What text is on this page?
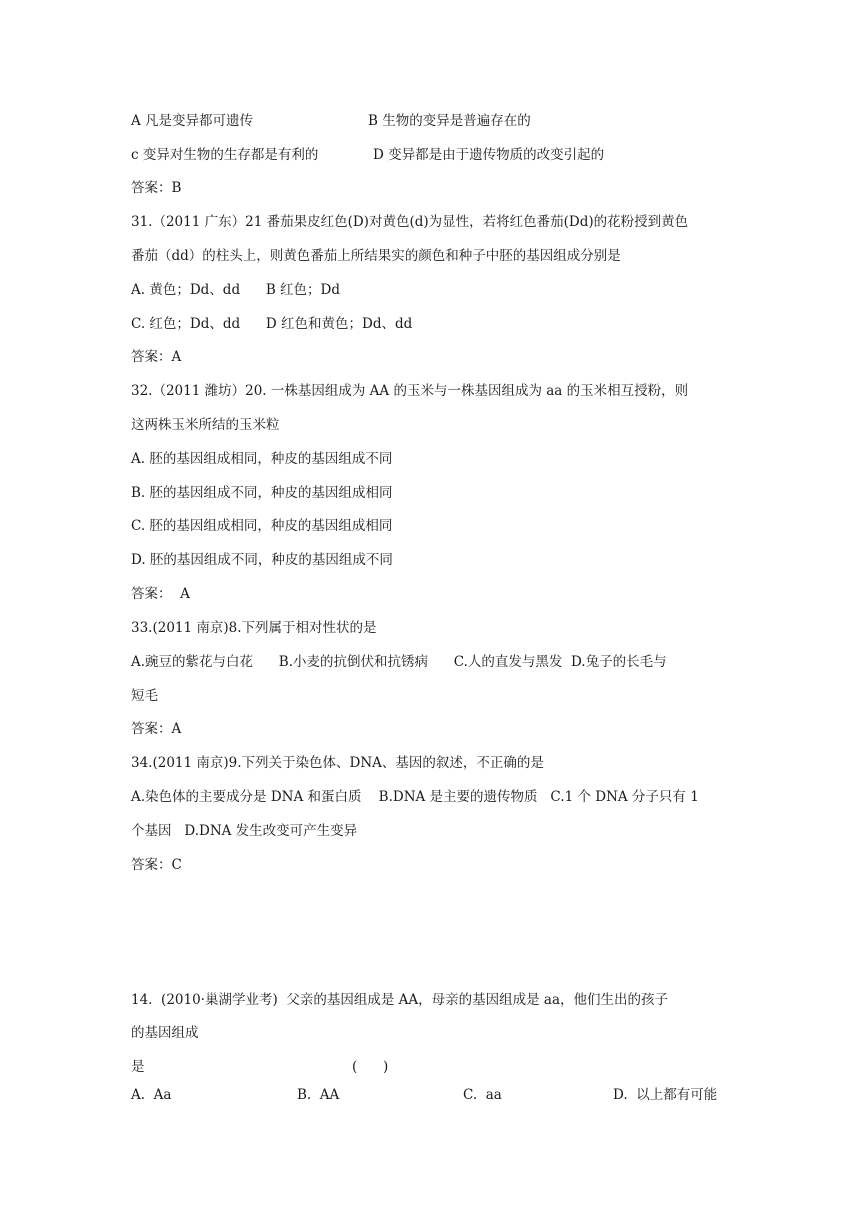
A 凡是变异都可遗传	B 生物的变异是普遍存在的
c 变异对生物的生存都是有利的	D 变异都是由于遗传物质的改变引起的
答案：B
31.（2011 广东）21 番茄果皮红色(D)对黄色(d)为显性，若将红色番茄(Dd)的花粉授到黄色
番茄（dd）的柱头上，则黄色番茄上所结果实的颜色和种子中胚的基因组成分别是
A. 黄色；Dd、dd      B 红色；Dd
C. 红色；Dd、dd      D 红色和黄色；Dd、dd
答案：A
32.（2011 潍坊）20. 一株基因组成为 AA 的玉米与一株基因组成为 aa 的玉米相互授粉，则
这两株玉米所结的玉米粒
A. 胚的基因组成相同，种皮的基因组成不同
B. 胚的基因组成不同，种皮的基因组成相同
C. 胚的基因组成相同，种皮的基因组成相同
D. 胚的基因组成不同，种皮的基因组成不同
答案：  A
33.(2011 南京)8.下列属于相对性状的是
A.豌豆的紫花与白花      B.小麦的抗倒伏和抗锈病      C.人的直发与黑发  D.兔子的长毛与
短毛
答案：A
34.(2011 南京)9.下列关于染色体、DNA、基因的叙述，不正确的是
A.染色体的主要成分是 DNA 和蛋白质    B.DNA 是主要的遗传物质   C.1 个 DNA 分子只有 1
个基因   D.DNA 发生改变可产生变异
答案：C
14.  (2010·巢湖学业考)  父亲的基因组成是 AA，母亲的基因组成是 aa，他们生出的孩子
的基因组成
是	(      )
A.  Aa	B.  AA	C.  aa	D.  以上都有可能
